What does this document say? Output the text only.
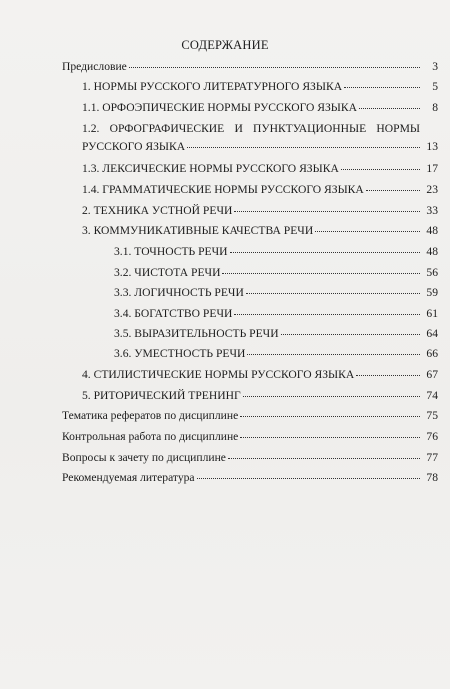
СОДЕРЖАНИЕ
Предисловие	3
1. НОРМЫ РУССКОГО ЛИТЕРАТУРНОГО ЯЗЫКА	5
1.1. ОРФОЭПИЧЕСКИЕ НОРМЫ РУССКОГО ЯЗЫКА	8
1.2. ОРФОГРАФИЧЕСКИЕ И ПУНКТУАЦИОННЫЕ НОРМЫ
РУССКОГО ЯЗЫКА	13
1.3. ЛЕКСИЧЕСКИЕ НОРМЫ РУССКОГО ЯЗЫКА	17
1.4. ГРАММАТИЧЕСКИЕ НОРМЫ РУССКОГО ЯЗЫКА	23
2. ТЕХНИКА УСТНОЙ РЕЧИ	33
3. КОММУНИКАТИВНЫЕ КАЧЕСТВА РЕЧИ	48
3.1. ТОЧНОСТЬ РЕЧИ	48
3.2. ЧИСТОТА РЕЧИ	56
3.3. ЛОГИЧНОСТЬ РЕЧИ	59
3.4. БОГАТСТВО РЕЧИ	61
3.5. ВЫРАЗИТЕЛЬНОСТЬ РЕЧИ	64
3.6. УМЕСТНОСТЬ РЕЧИ	66
4. СТИЛИСТИЧЕСКИЕ НОРМЫ РУССКОГО ЯЗЫКА	67
5. РИТОРИЧЕСКИЙ ТРЕНИНГ	74
Тематика рефератов по дисциплине	75
Контрольная работа по дисциплине	76
Вопросы к зачету по дисциплине	77
Рекомендуемая литература	78
